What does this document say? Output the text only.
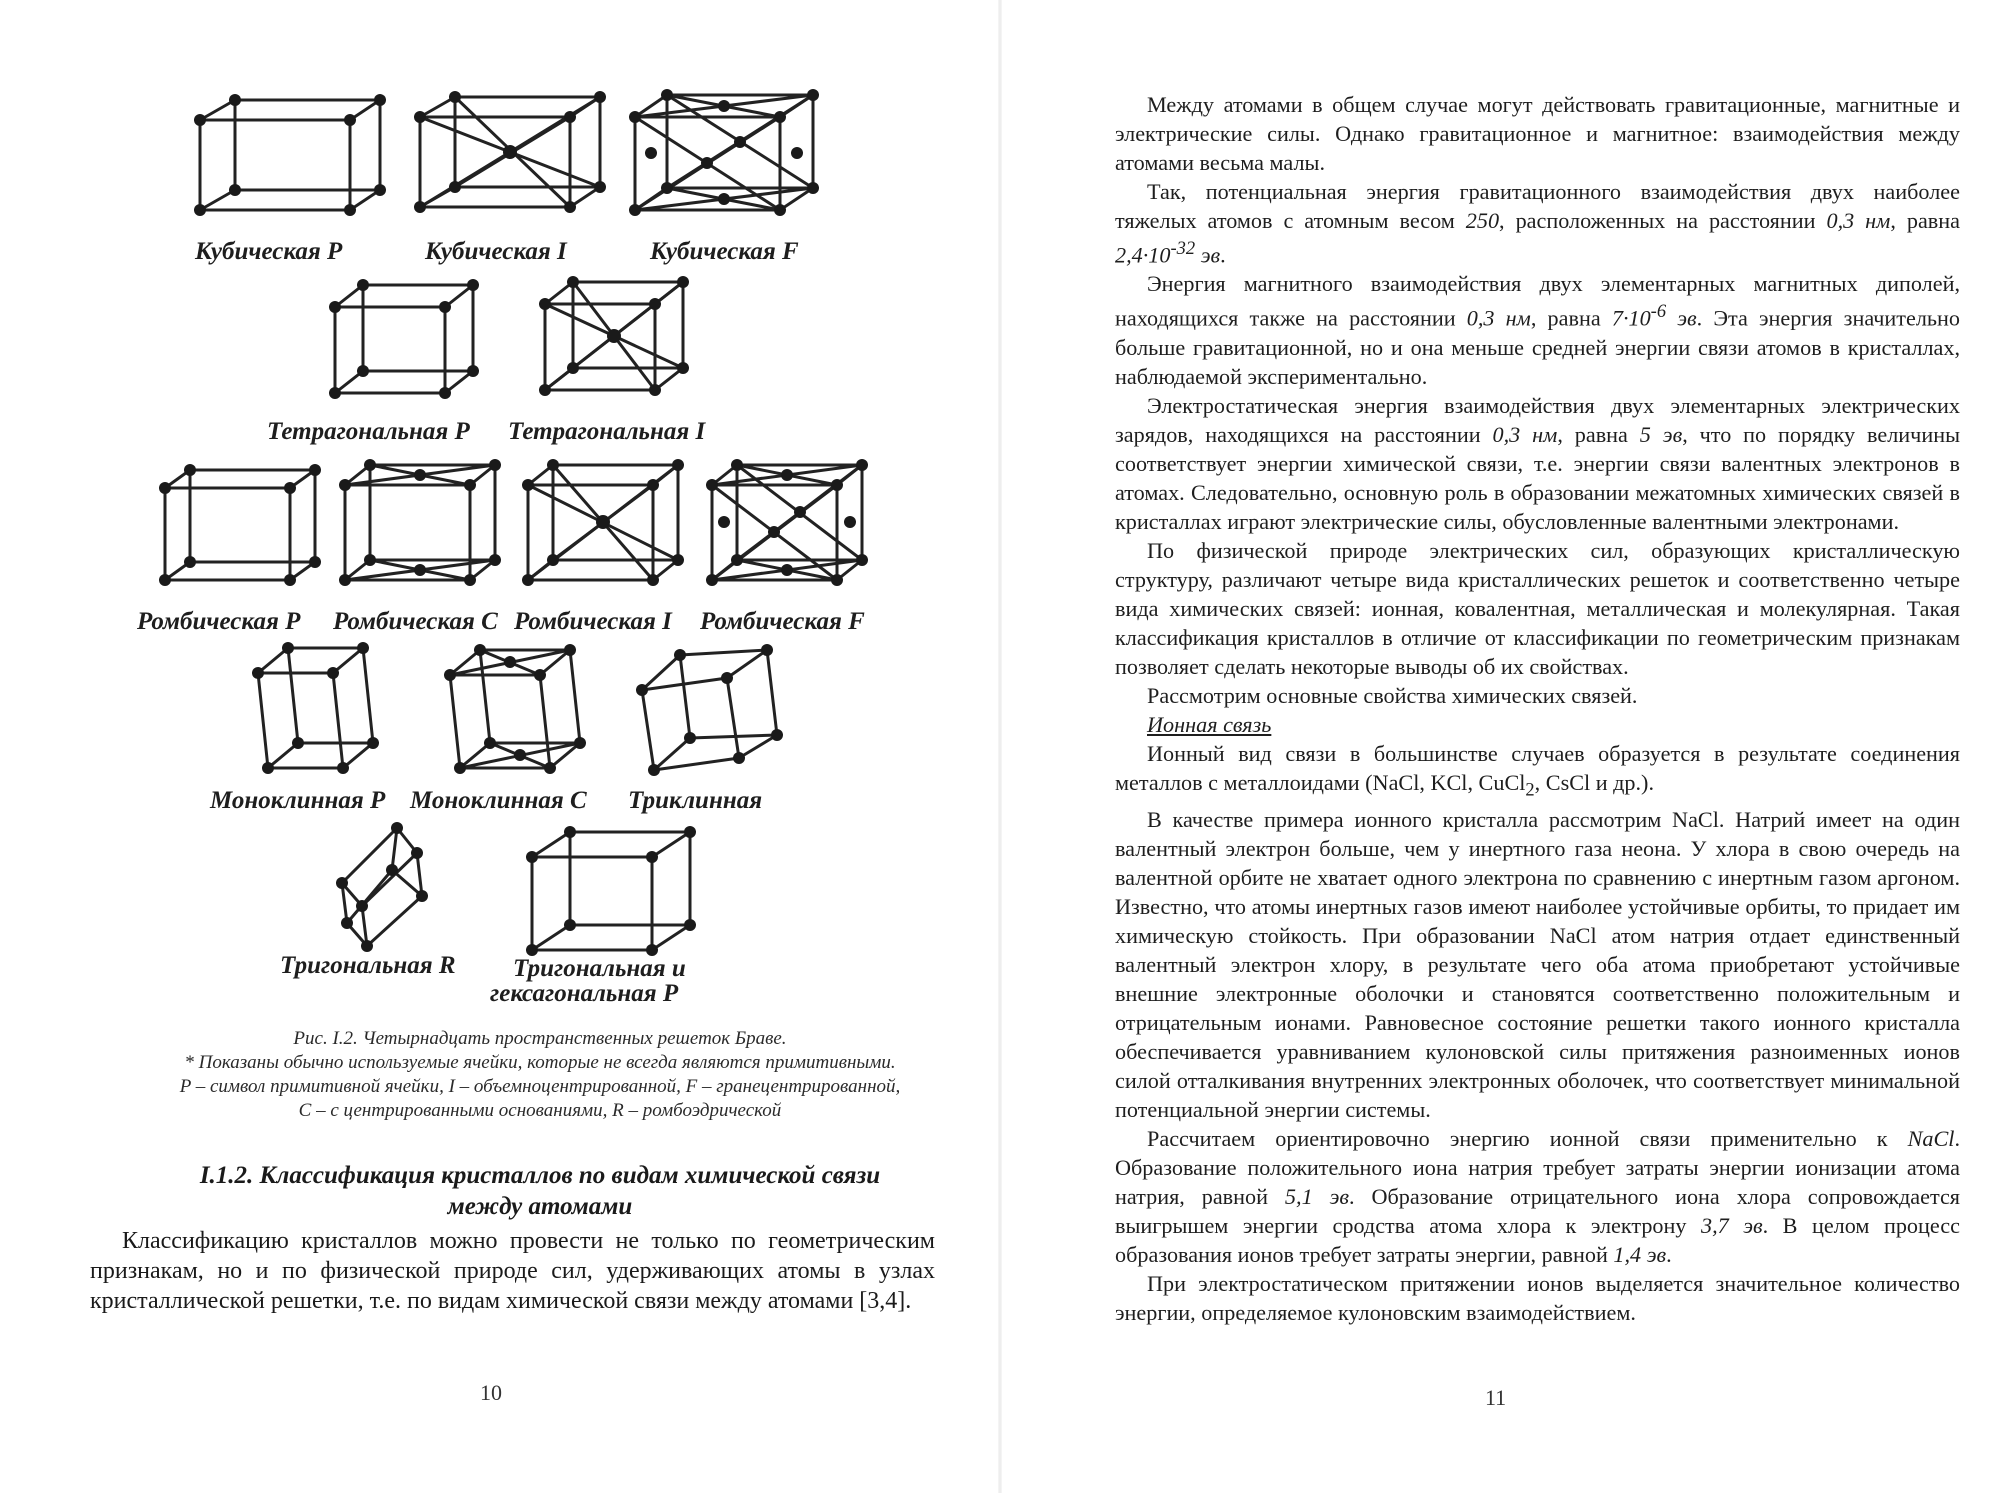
Кубическая P	Кубическая I	Кубическая F
Тетрагональная P Тетрагональная I
Ромбическая P Ромбическая C Ромбическая I Ромбическая F
Моноклинная P Моноклинная C Триклинная
Тригональная R Тригональная и
гексагональная P
Рис. I.2. Четырнадцать пространственных решеток Браве.
* Показаны обычно используемые ячейки, которые не всегда являются примитивными.
P – символ примитивной ячейки, I – объемноцентрированной, F – гранецентрированной,
C – с центрированными основаниями, R – ромбоэдрической
I.1.2. Классификация кристаллов по видам химической связи
между атомами
Классификацию кристаллов можно провести не только по геометрическим признакам, но и по физической природе сил, удерживающих атомы в узлах кристаллической решетки, т.е. по видам химической связи между атомами [3,4].
10

Между атомами в общем случае могут действовать гравитационные, магнитные и электрические силы. Однако гравитационное и магнитное: взаимодействия между атомами весьма малы.

Так, потенциальная энергия гравитационного взаимодействия двух наиболее тяжелых атомов с атомным весом 250, расположенных на расстоянии 0,3 нм, равна $2,4\cdot 10^{-32}$ эв.

Энергия магнитного взаимодействия двух элементарных магнитных диполей, находящихся также на расстоянии 0,3 нм, равна $7\cdot 10^{-6}$ эв. Эта энергия значительно больше гравитационной, но и она меньше средней энергии связи атомов в кристаллах, наблюдаемой экспериментально.

Электростатическая энергия взаимодействия двух элементарных электрических зарядов, находящихся на расстоянии 0,3 нм, равна 5 эв, что по порядку величины соответствует энергии химической связи, т.е. энергии связи валентных электронов в атомах. Следовательно, основную роль в образовании межатомных химических связей в кристаллах играют электрические силы, обусловленные валентными электронами.

По физической природе электрических сил, образующих кристаллическую структуру, различают четыре вида кристаллических решеток и соответственно четыре вида химических связей: ионная, ковалентная, металлическая и молекулярная. Такая классификация кристаллов в отличие от классификации по геометрическим признакам позволяет сделать некоторые выводы об их свойствах.

Рассмотрим основные свойства химических связей.

Ионная связь

Ионный вид связи в большинстве случаев образуется в результате соединения металлов с металлоидами (NaCl, KCl, CuCl$_2$, CsCl и др.).

В качестве примера ионного кристалла рассмотрим NaCl. Натрий имеет на один валентный электрон больше, чем у инертного газа неона. У хлора в свою очередь на валентной орбите не хватает одного электрона по сравнению с инертным газом аргоном. Известно, что атомы инертных газов имеют наиболее устойчивые орбиты, то придает им химическую стойкость. При образовании NaCl атом натрия отдает единственный валентный электрон хлору, в результате чего оба атома приобретают устойчивые внешние электронные оболочки и становятся соответственно положительным и отрицательным ионами. Равновесное состояние решетки такого ионного кристалла обеспечивается уравниванием кулоновской силы притяжения разноименных ионов силой отталкивания внутренних электронных оболочек, что соответствует минимальной потенциальной энергии системы.

Рассчитаем ориентировочно энергию ионной связи применительно к NaCl. Образование положительного иона натрия требует затраты энергии ионизации атома натрия, равной 5,1 эв. Образование отрицательного иона хлора сопровождается выигрышем энергии сродства атома хлора к электрону 3,7 эв. В целом процесс образования ионов требует затраты энергии, равной 1,4 эв.

При электростатическом притяжении ионов выделяется значительное количество энергии, определяемое кулоновским взаимодействием.

11
